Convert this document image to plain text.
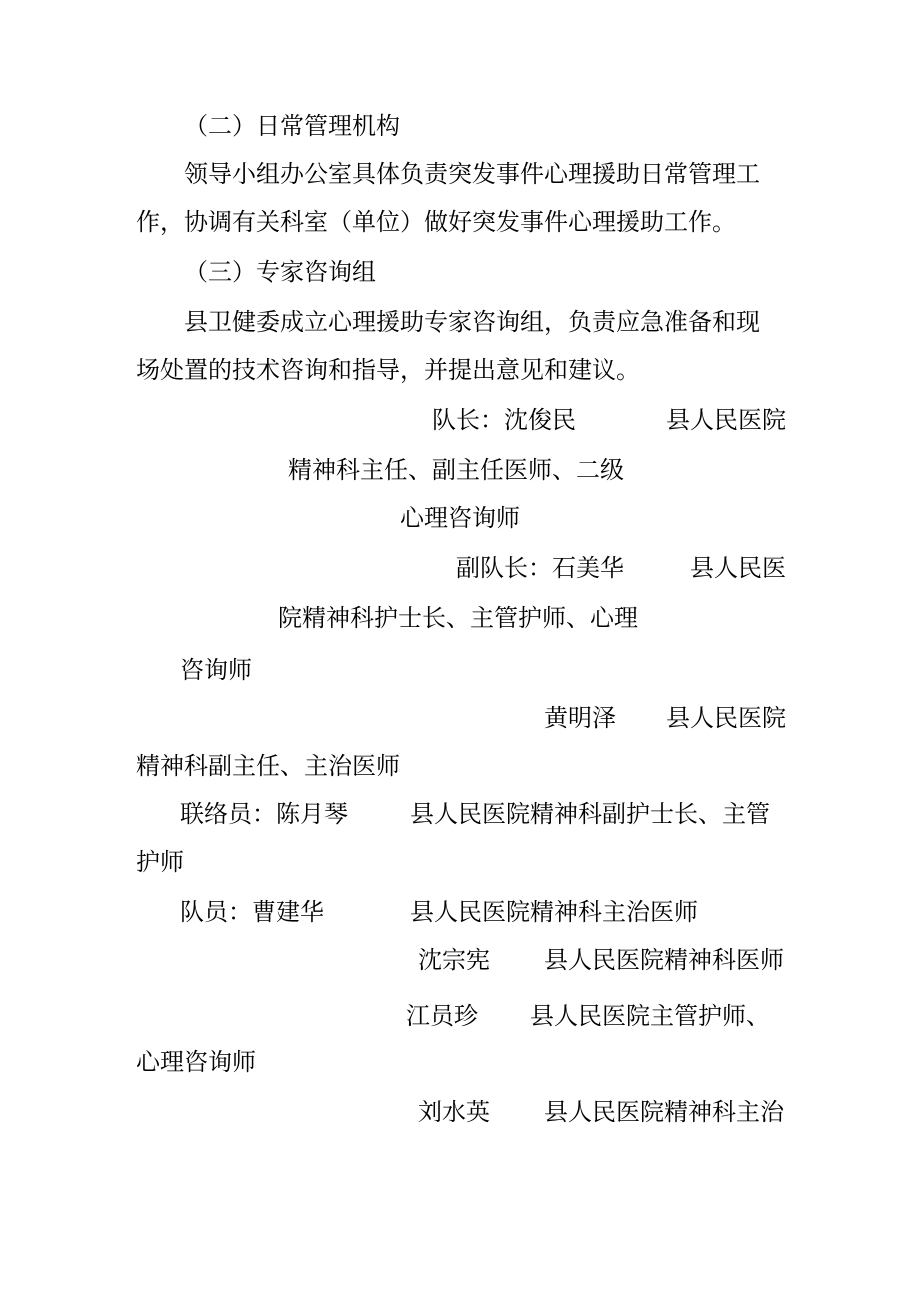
（二）日常管理机构

领导小组办公室具体负责突发事件心理援助日常管理工

作，协调有关科室（单位）做好突发事件心理援助工作。

（三）专家咨询组

县卫健委成立心理援助专家咨询组，负责应急准备和现

场处置的技术咨询和指导，并提出意见和建议。

队长：沈俊民	县人民医院

精神科主任、副主任医师、二级

心理咨询师

副队长：石美华	县人民医

院精神科护士长、主管护师、心理

咨询师

黄明泽 县人民医院

精神科副主任、主治医师

联络员：陈月琴	县人民医院精神科副护士长、主管

护师

队员：曹建华	县人民医院精神科主治医师

沈宗宪 县人民医院精神科医师

江员珍 县人民医院主管护师、

心理咨询师

刘水英 县人民医院精神科主治
